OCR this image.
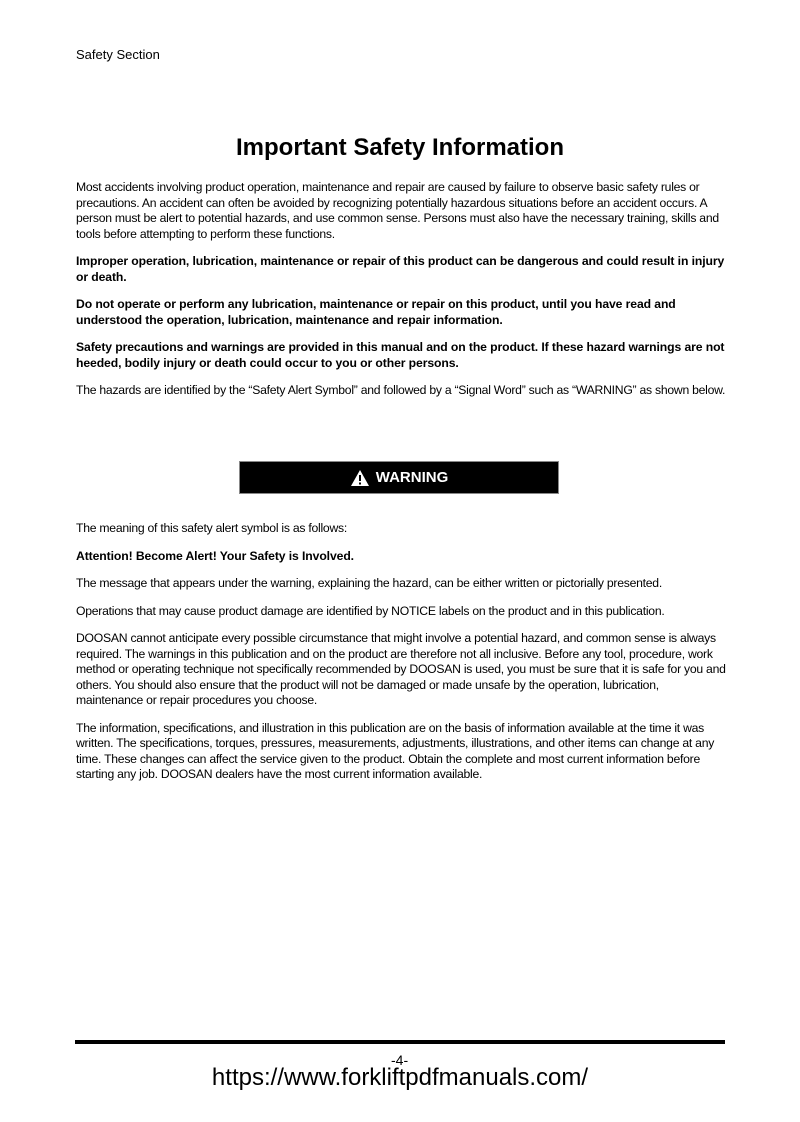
Safety Section
Important Safety Information

Most accidents involving product operation, maintenance and repair are caused by failure to observe basic safety rules or precautions. An accident can often be avoided by recognizing potentially hazardous situations before an accident occurs. A person must be alert to potential hazards, and use common sense. Persons must also have the necessary training, skills and tools before attempting to perform these functions.

Improper operation, lubrication, maintenance or repair of this product can be dangerous and could result in injury or death.

Do not operate or perform any lubrication, maintenance or repair on this product, until you have read and understood the operation, lubrication, maintenance and repair information.

Safety precautions and warnings are provided in this manual and on the product. If these hazard warnings are not heeded, bodily injury or death could occur to you or other persons.

The hazards are identified by the “Safety Alert Symbol” and followed by a “Signal Word” such as “WARNING” as shown below.

WARNING

The meaning of this safety alert symbol is as follows:

Attention! Become Alert! Your Safety is Involved.

The message that appears under the warning, explaining the hazard, can be either written or pictorially presented.

Operations that may cause product damage are identified by NOTICE labels on the product and in this publication.

DOOSAN cannot anticipate every possible circumstance that might involve a potential hazard, and common sense is always required. The warnings in this publication and on the product are therefore not all inclusive. Before any tool, procedure, work method or operating technique not specifically recommended by DOOSAN is used, you must be sure that it is safe for you and others. You should also ensure that the product will not be damaged or made unsafe by the operation, lubrication, maintenance or repair procedures you choose.

The information, specifications, and illustration in this publication are on the basis of information available at the time it was written. The specifications, torques, pressures, measurements, adjustments, illustrations, and other items can change at any time. These changes can affect the service given to the product. Obtain the complete and most current information before starting any job. DOOSAN dealers have the most current information available.

-4-
https://www.forkliftpdfmanuals.com/
